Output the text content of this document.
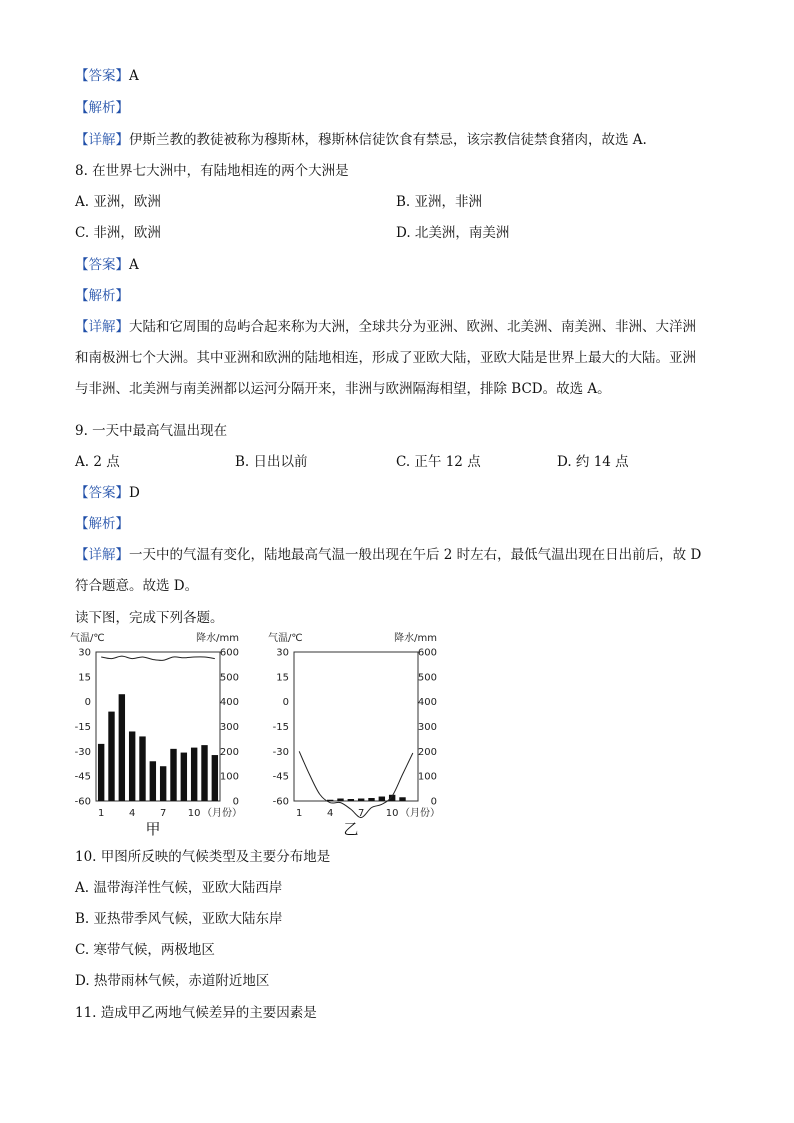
【答案】A
【解析】
【详解】伊斯兰教的教徒被称为穆斯林，穆斯林信徒饮食有禁忌，该宗教信徒禁食猪肉，故选 A.
8. 在世界七大洲中，有陆地相连的两个大洲是
A. 亚洲，欧洲	B. 亚洲，非洲
C. 非洲，欧洲	D. 北美洲，南美洲
【答案】A
【解析】
【详解】大陆和它周围的岛屿合起来称为大洲，全球共分为亚洲、欧洲、北美洲、南美洲、非洲、大洋洲
和南极洲七个大洲。其中亚洲和欧洲的陆地相连，形成了亚欧大陆，亚欧大陆是世界上最大的大陆。亚洲
与非洲、北美洲与南美洲都以运河分隔开来，非洲与欧洲隔海相望，排除 BCD。故选 A。
9. 一天中最高气温出现在
A. 2 点	B. 日出以前	C. 正午 12 点	D. 约 14 点
【答案】D
【解析】
【详解】一天中的气温有变化，陆地最高气温一般出现在午后 2 时左右，最低气温出现在日出前后，故 D
符合题意。故选 D。
读下图，完成下列各题。
气温/℃	降水/mm
30
15
0
-15
-30
-45
-60
600
500
400
300
200
100
0
1 4 7 10 （月份）
甲
气温/℃	降水/mm
30
15
0
-15
-30
-45
-60
600
500
400
300
200
100
0
1 4 7 10 （月份）
乙
10. 甲图所反映的气候类型及主要分布地是
A. 温带海洋性气候，亚欧大陆西岸
B. 亚热带季风气候，亚欧大陆东岸
C. 寒带气候，两极地区
D. 热带雨林气候，赤道附近地区
11. 造成甲乙两地气候差异的主要因素是
